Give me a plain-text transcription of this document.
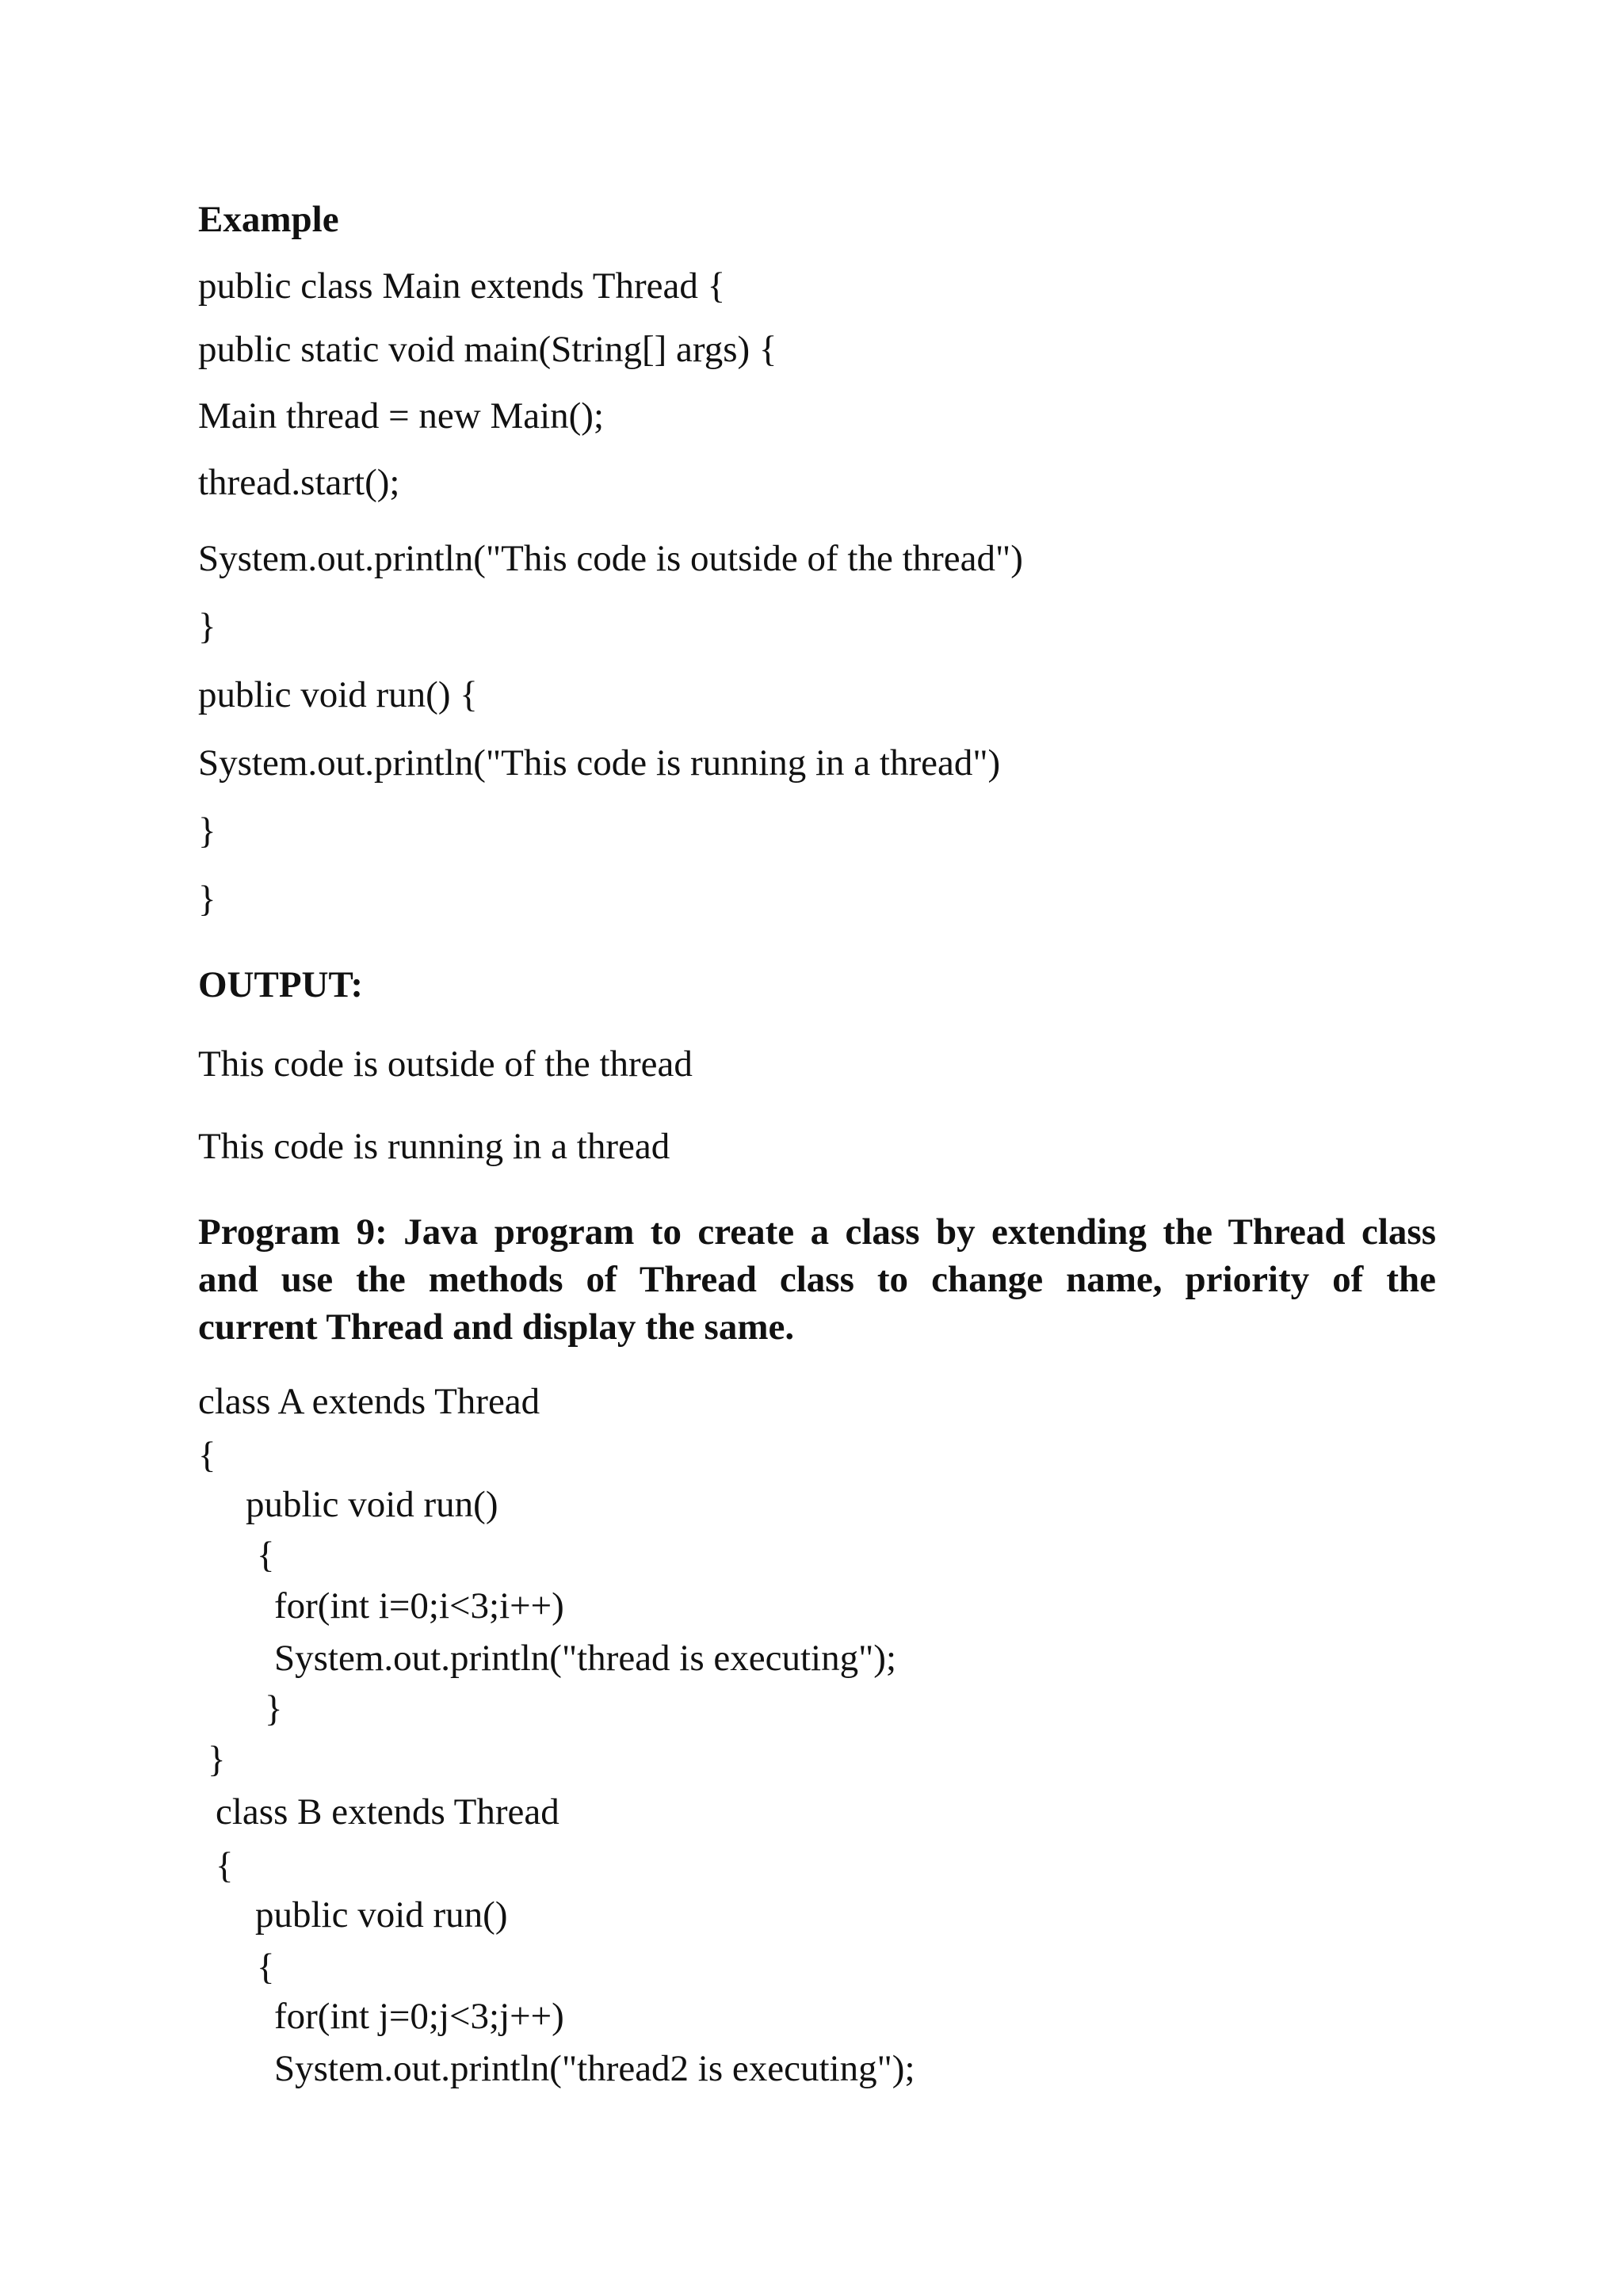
Example
public class Main extends Thread {
public static void main(String[] args) {
Main thread = new Main();
thread.start();
System.out.println("This code is outside of the thread")
}
public void run() {
System.out.println("This code is running in a thread")
}
}
OUTPUT:
This code is outside of the thread
This code is running in a thread
Program 9: Java program to create a class by extending the Thread class
and use the methods of Thread class to change name, priority of the
current Thread and display the same.
class A extends Thread
{
public void run()
{
for(int i=0;i<3;i++)
System.out.println("thread is executing");
}
}
class B extends Thread
{
public void run()
{
for(int j=0;j<3;j++)
System.out.println("thread2 is executing");
